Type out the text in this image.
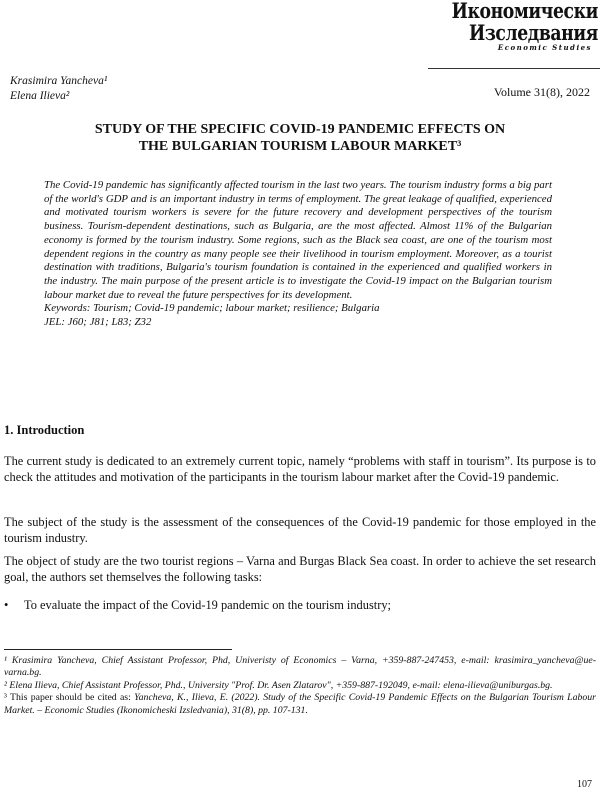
Икономически
Изследвания
Economic Studies
Krasimira Yancheva¹
Elena Ilieva²	Volume 31(8), 2022
STUDY OF THE SPECIFIC COVID-19 PANDEMIC EFFECTS ON
THE BULGARIAN TOURISM LABOUR MARKET³

The Covid-19 pandemic has significantly affected tourism in the last two years. The tourism industry forms a big part of the world's GDP and is an important industry in terms of employment. The great leakage of qualified, experienced and motivated tourism workers is severe for the future recovery and development perspectives of the tourism business. Tourism-dependent destinations, such as Bulgaria, are the most affected. Almost 11% of the Bulgarian economy is formed by the tourism industry. Some regions, such as the Black sea coast, are one of the tourism most dependent regions in the country as many people see their livelihood in tourism employment. Moreover, as a tourist destination with traditions, Bulgaria's tourism foundation is contained in the experienced and qualified workers in the industry. The main purpose of the present article is to investigate the Covid-19 impact on the Bulgarian tourism labour market due to reveal the future perspectives for its development.

Keywords: Tourism; Covid-19 pandemic; labour market; resilience; Bulgaria

JEL: J60; J81; L83; Z32

1. Introduction

The current study is dedicated to an extremely current topic, namely “problems with staff in tourism”. Its purpose is to check the attitudes and motivation of the participants in the tourism labour market after the Covid-19 pandemic.

The subject of the study is the assessment of the consequences of the Covid-19 pandemic for those employed in the tourism industry.

The object of study are the two tourist regions – Varna and Burgas Black Sea coast. In order to achieve the set research goal, the authors set themselves the following tasks:

• To evaluate the impact of the Covid-19 pandemic on the tourism industry;

¹ Krasimira Yancheva, Chief Assistant Professor, Phd, Univeristy of Economics – Varna, +359-887-247453, e-mail: krasimira_yancheva@ue-varna.bg.

² Elena Ilieva, Chief Assistant Professor, Phd., University "Prof. Dr. Asen Zlatarov", +359-887-192049, e-mail: elena-ilieva@uniburgas.bg.

³ This paper should be cited as: Yancheva, K., Ilieva, E. (2022). Study of the Specific Covid-19 Pandemic Effects on the Bulgarian Tourism Labour Market. – Economic Studies (Ikonomicheski Izsledvania), 31(8), pp. 107-131.

107
